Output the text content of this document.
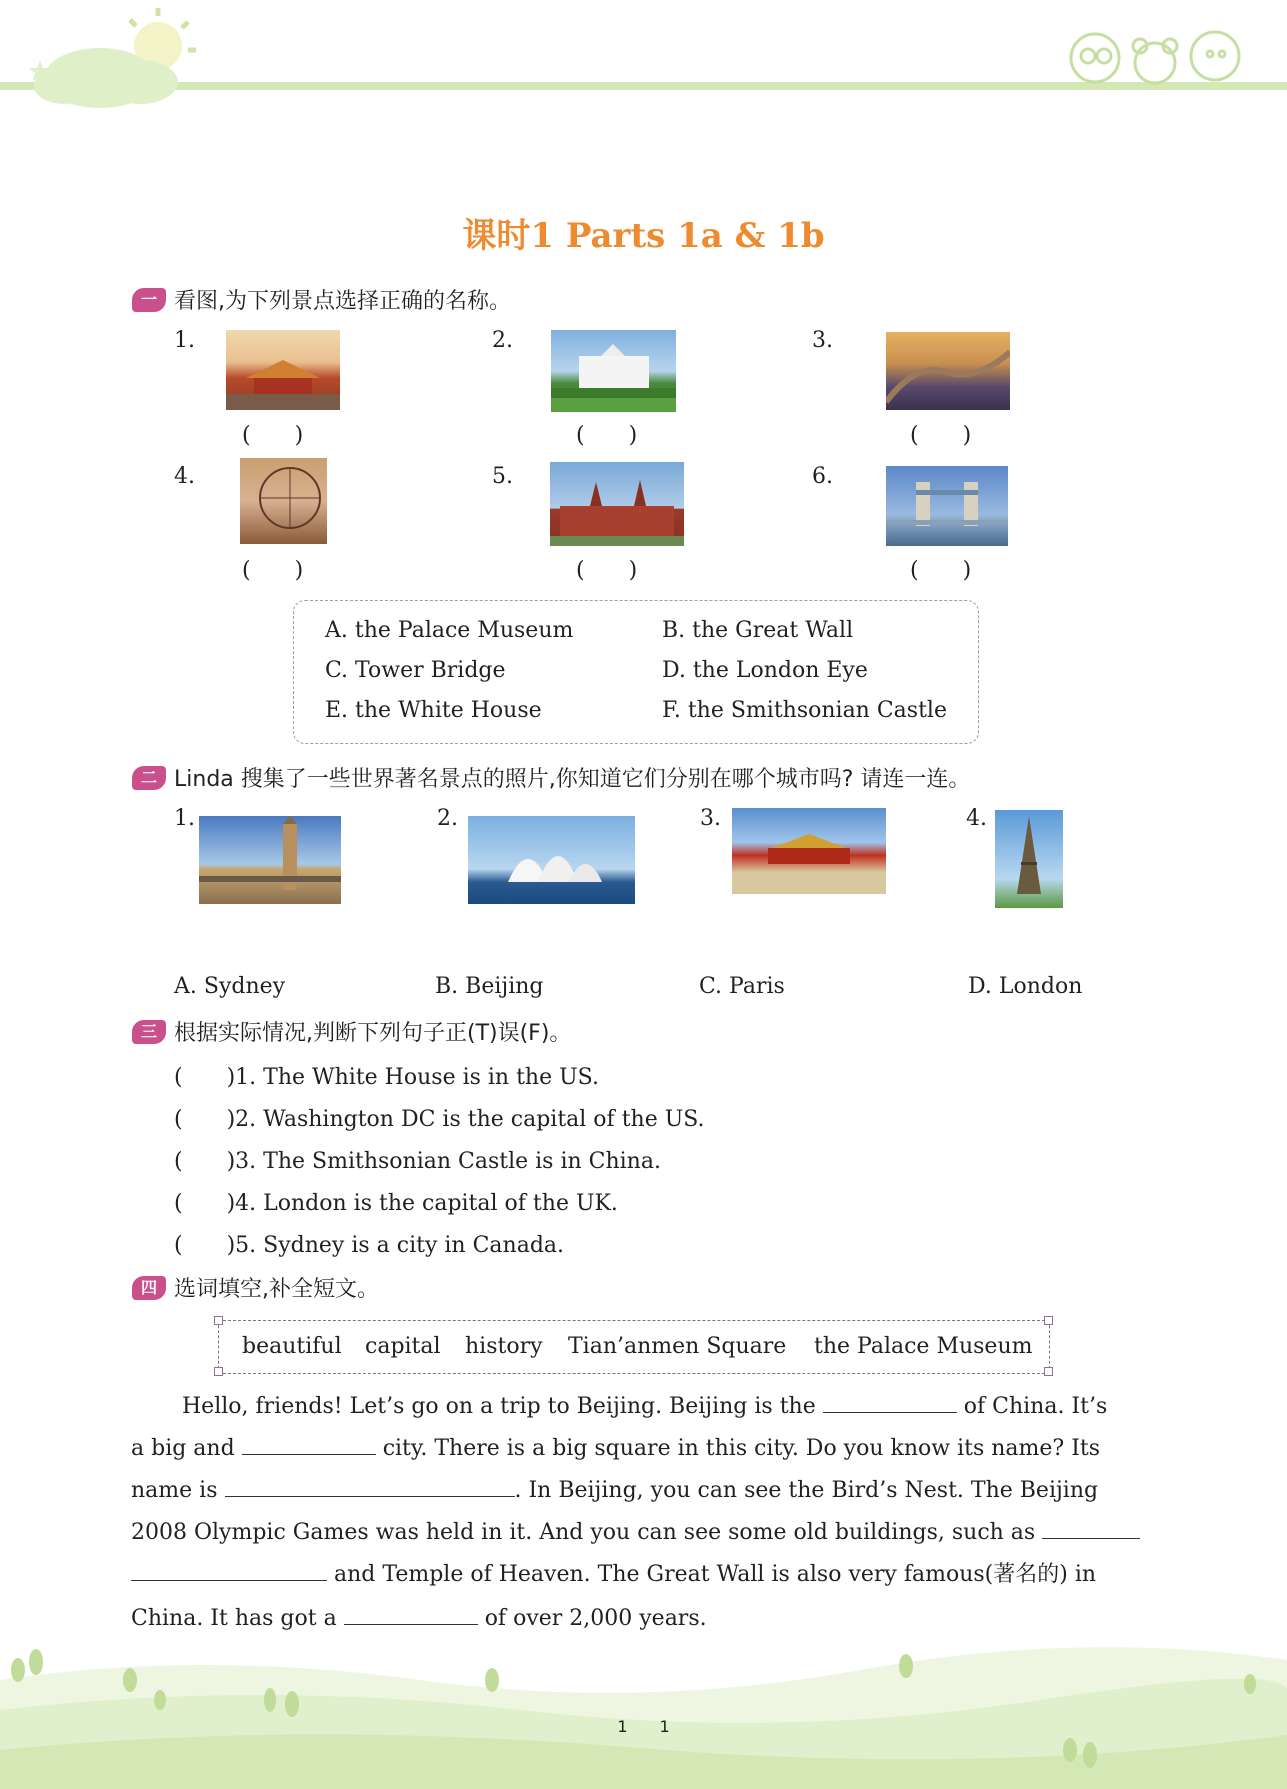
课时1 Parts 1a & 1b
一 看图,为下列景点选择正确的名称。
1.	2.	3.
4.	5.	6.
(　　)	(　　)	(　　)
(　　)	(　　)	(　　)
A. the Palace Museum	B. the Great Wall
C. Tower Bridge	D. the London Eye
E. the White House	F. the Smithsonian Castle
二 Linda 搜集了一些世界著名景点的照片,你知道它们分别在哪个城市吗? 请连一连。
1.	2.	3.	4.
A. Sydney	B. Beijing	C. Paris	D. London
三 根据实际情况,判断下列句子正(T)误(F)。
(　　)1. The White House is in the US.
(　　)2. Washington DC is the capital of the US.
(　　)3. The Smithsonian Castle is in China.
(　　)4. London is the capital of the UK.
(　　)5. Sydney is a city in Canada.
四 选词填空,补全短文。
beautiful capital history Tian’anmen Square the Palace Museum
Hello, friends! Let’s go on a trip to Beijing. Beijing is the	of China. It’s
a big and	city. There is a big square in this city. Do you know its name? Its
name is	. In Beijing, you can see the Bird’s Nest. The Beijing
2008 Olympic Games was held in it. And you can see some old buildings, such as
and Temple of Heaven. The Great Wall is also very famous(著名的) in
China. It has got a	of over 2,000 years.
1　　1
